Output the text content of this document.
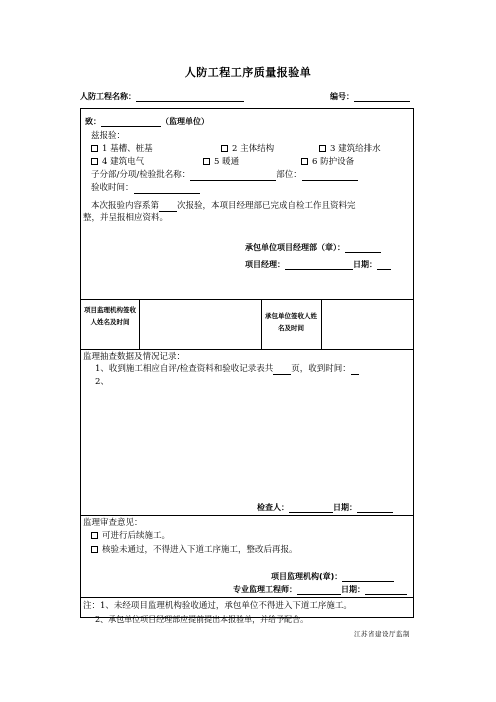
人防工程工序质量报验单
人防工程名称：	编号：
致：	（监理单位）
兹报验：
1 基槽、桩基	2 主体结构	3 建筑给排水
4 建筑电气	5 暖通	6 防护设备
子分部/分项/检验批名称：	部位：
验收时间：
本次报验内容系第 次报验，本项目经理部已完成自检工作且资料完
整，并呈报相应资料。
承包单位项目经理部（章）：
项目经理：	日期：
项目监理机构签收人姓名及时间
承包单位签收人姓名及时间
监理抽查数据及情况记录：
1、收到施工相应自评/检查资料和验收记录表共 页，收到时间：
2、
检查人：	日期：
监理审查意见：
可进行后续施工。
核验未通过，不得进入下道工序施工，整改后再报。
项目监理机构(章)：
专业监理工程师：	日期：
注：1、未经项目监理机构验收通过，承包单位不得进入下道工序施工。
2、承包单位项目经理部应提前提出本报验单，并给予配合。
江苏省建设厅监制
